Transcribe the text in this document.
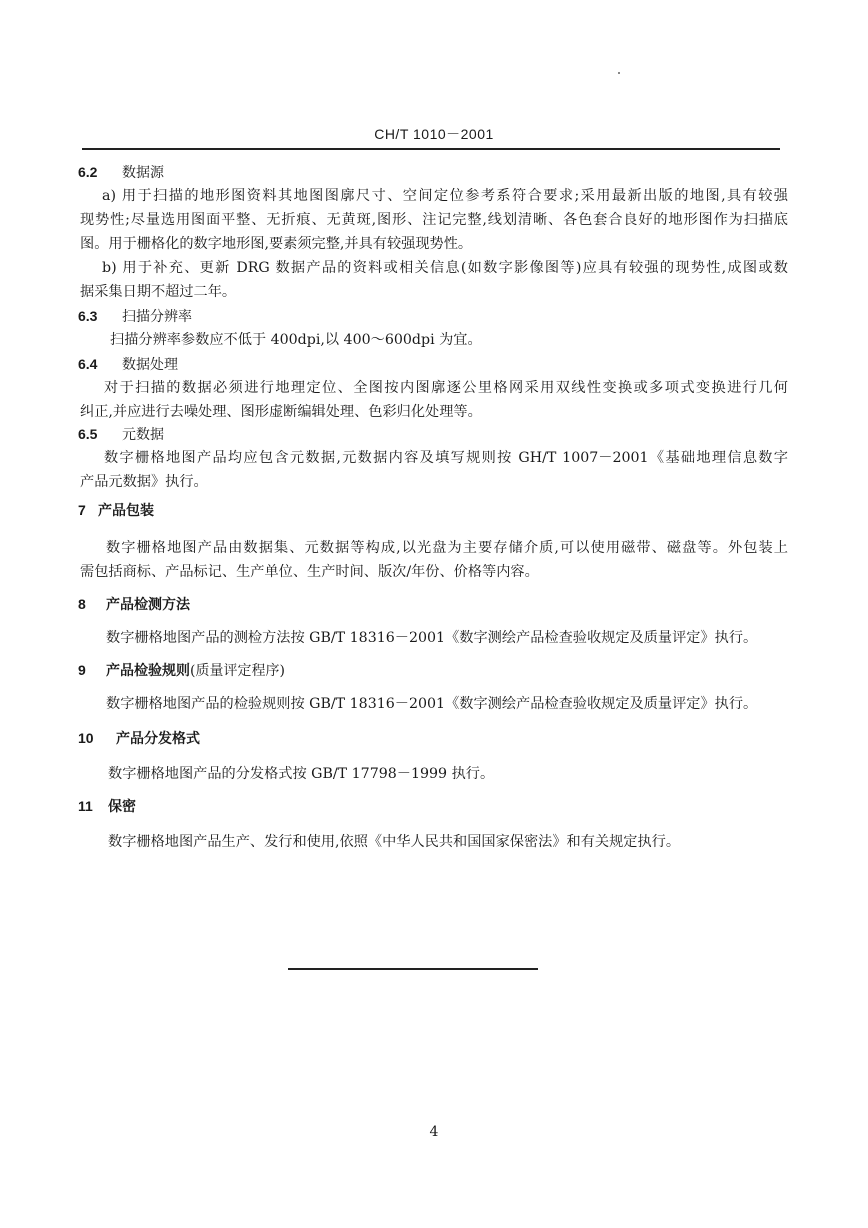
CH/T 1010－2001
6.2 数据源
a) 用于扫描的地形图资料其地图图廓尺寸、空间定位参考系符合要求;采用最新出版的地图,具有较强
现势性;尽量选用图面平整、无折痕、无黄斑,图形、注记完整,线划清晰、各色套合良好的地形图作为扫描底
图。用于栅格化的数字地形图,要素须完整,并具有较强现势性。
b) 用于补充、更新 DRG 数据产品的资料或相关信息(如数字影像图等)应具有较强的现势性,成图或数
据采集日期不超过二年。
6.3 扫描分辨率
扫描分辨率参数应不低于 400dpi,以 400～600dpi 为宜。
6.4 数据处理
对于扫描的数据必须进行地理定位、全图按内图廓逐公里格网采用双线性变换或多项式变换进行几何
纠正,并应进行去噪处理、图形虚断编辑处理、色彩归化处理等。
6.5 元数据
数字栅格地图产品均应包含元数据,元数据内容及填写规则按 GH/T 1007－2001《基础地理信息数字
产品元数据》执行。
7 产品包装
数字栅格地图产品由数据集、元数据等构成,以光盘为主要存储介质,可以使用磁带、磁盘等。外包装上
需包括商标、产品标记、生产单位、生产时间、版次/年份、价格等内容。
8 产品检测方法
数字栅格地图产品的测检方法按 GB/T 18316－2001《数字测绘产品检查验收规定及质量评定》执行。
9 产品检验规则(质量评定程序)
数字栅格地图产品的检验规则按 GB/T 18316－2001《数字测绘产品检查验收规定及质量评定》执行。
10 产品分发格式
数字栅格地图产品的分发格式按 GB/T 17798－1999 执行。
11 保密
数字栅格地图产品生产、发行和使用,依照《中华人民共和国国家保密法》和有关规定执行。
4
